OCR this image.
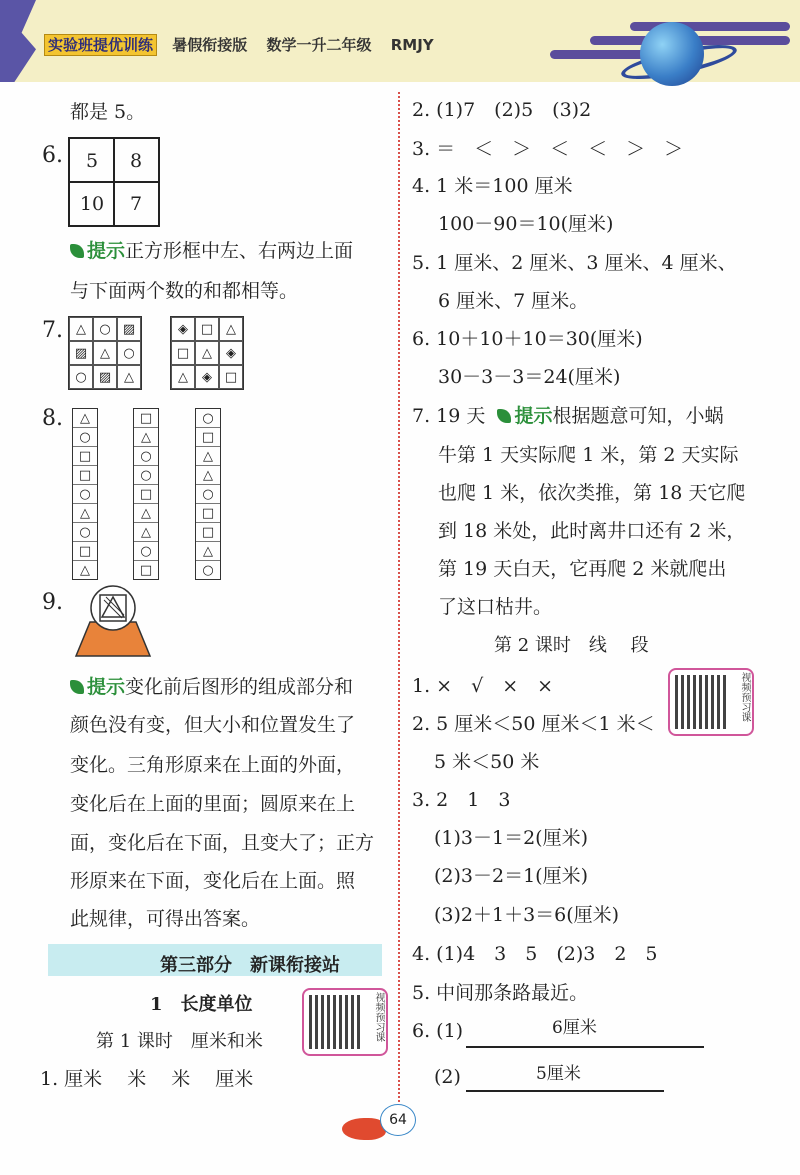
实验班提优训练 暑假衔接版 数学一升二年级 RMJY
都是 5。
6.	5	8
10	7
提示正方形框中左、右两边上面
与下面两个数的和都相等。
7.	△	○ ▨
▨ △	○
○ ▨ △
◈ □ △
□ △	◈
△	◈ □
8.	△
○
□
□
○
△
○
□
△
□
△
○
○
□
△
△
○
□
○
□
△
△
○
□
□
△
○
9.
提示变化前后图形的组成部分和
颜色没有变，但大小和位置发生了
变化。三角形原来在上面的外面，
变化后在上面的里面；圆原来在上
面，变化后在下面，且变大了；正方
形原来在下面，变化后在上面。照
此规律，可得出答案。
第三部分　新课衔接站
1　长度单位
第 1 课时　厘米和米
1. 厘米　 米　 米　 厘米
视频预习课
2. (1)7　(2)5　(3)2
3. ＝　＜　＞　＜　＜　＞　＞
4. 1 米＝100 厘米
100－90＝10(厘米)
5. 1 厘米、2 厘米、3 厘米、4 厘米、
6 厘米、7 厘米。
6. 10＋10＋10＝30(厘米)
30－3－3＝24(厘米)
7. 19 天 提示根据题意可知，小蜗
牛第 1 天实际爬 1 米，第 2 天实际
也爬 1 米，依次类推，第 18 天它爬
到 18 米处，此时离井口还有 2 米，
第 19 天白天，它再爬 2 米就爬出
了这口枯井。
第 2 课时　线　 段
视频预习课
1. ×　√　×　×
2. 5 厘米＜50 厘米＜1 米＜
5 米＜50 米
3. 2　1　3
(1)3－1＝2(厘米)
(2)3－2＝1(厘米)
(3)2＋1＋3＝6(厘米)
4. (1)4　3　5　(2)3　2　5
5. 中间那条路最近。
6. (1)	6厘米
(2)	5厘米
64
